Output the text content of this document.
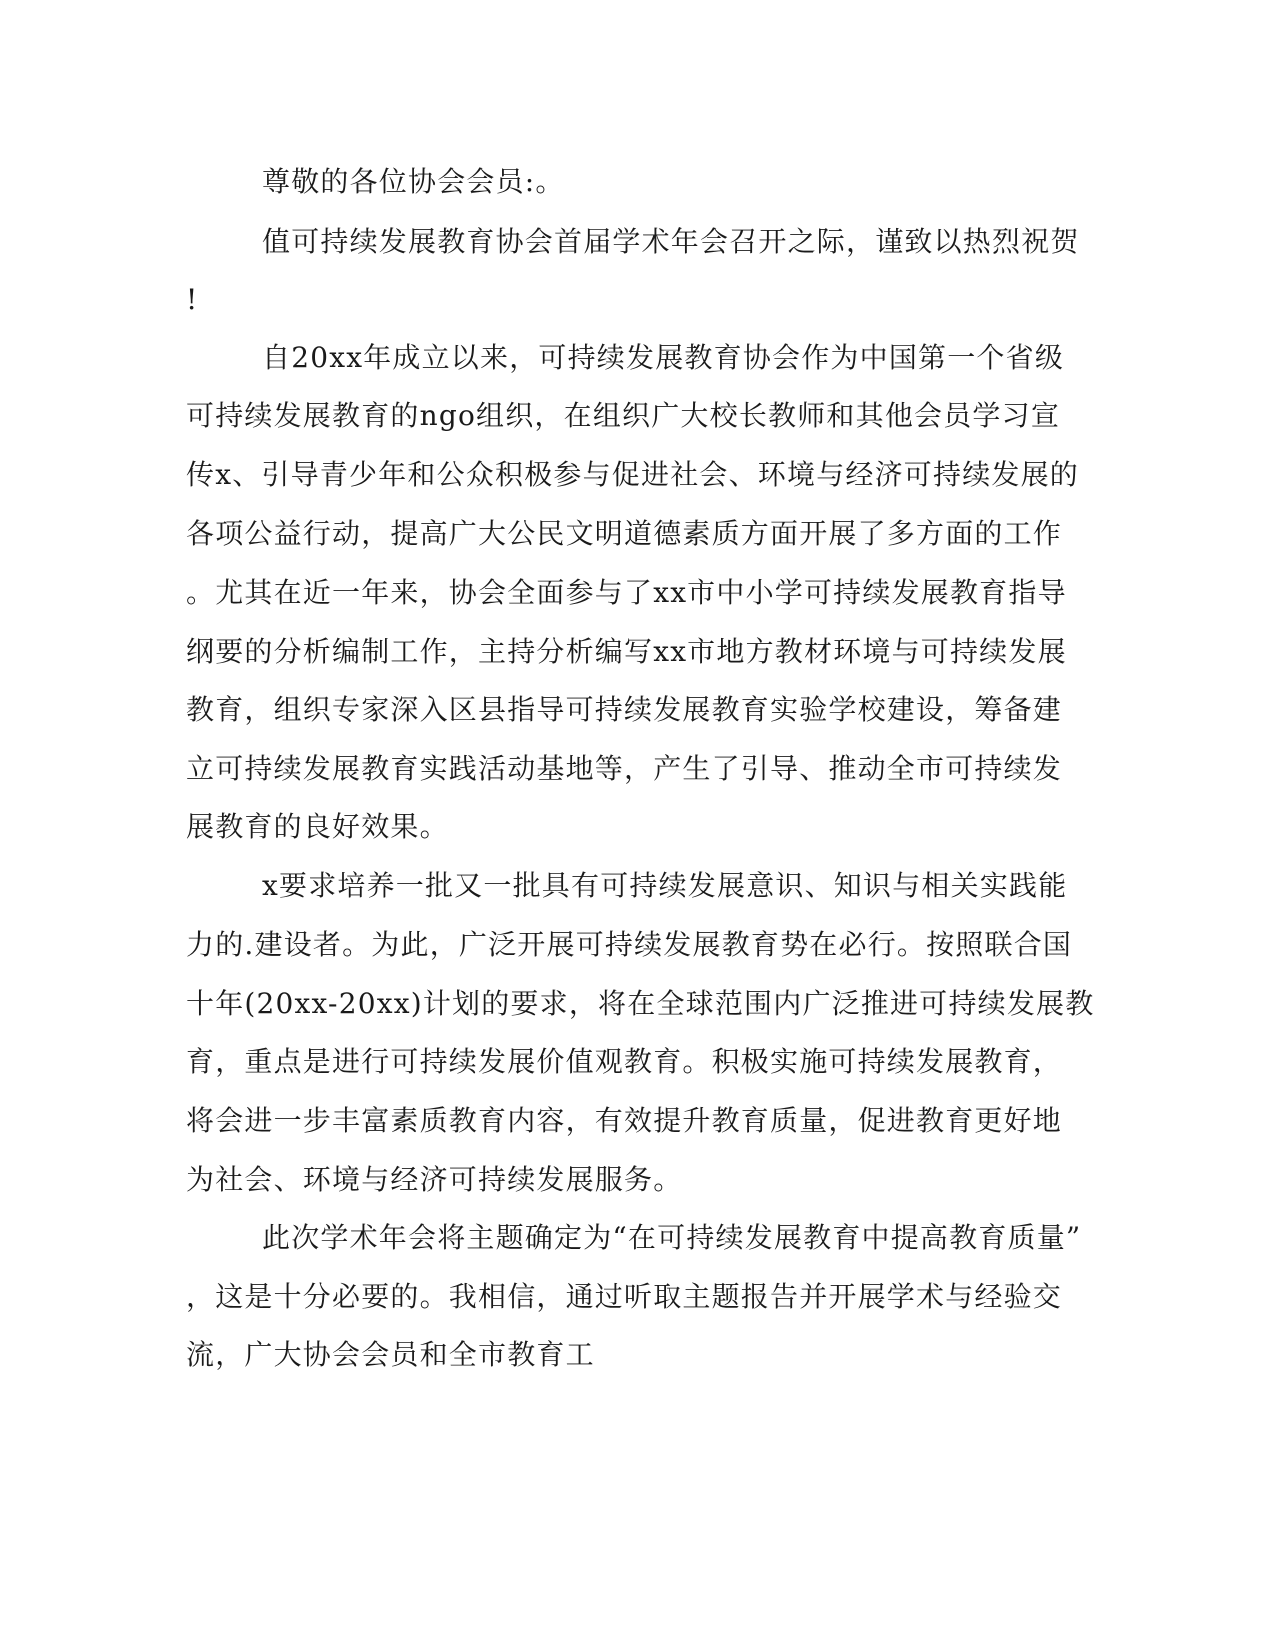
尊敬的各位协会会员:。
值可持续发展教育协会首届学术年会召开之际，谨致以热烈祝贺
!
自20xx年成立以来，可持续发展教育协会作为中国第一个省级
可持续发展教育的ngo组织，在组织广大校长教师和其他会员学习宣
传x、引导青少年和公众积极参与促进社会、环境与经济可持续发展的
各项公益行动，提高广大公民文明道德素质方面开展了多方面的工作
。尤其在近一年来，协会全面参与了xx市中小学可持续发展教育指导
纲要的分析编制工作，主持分析编写xx市地方教材环境与可持续发展
教育，组织专家深入区县指导可持续发展教育实验学校建设，筹备建
立可持续发展教育实践活动基地等，产生了引导、推动全市可持续发
展教育的良好效果。
x要求培养一批又一批具有可持续发展意识、知识与相关实践能
力的.建设者。为此，广泛开展可持续发展教育势在必行。按照联合国
十年(20xx-20xx)计划的要求，将在全球范围内广泛推进可持续发展教
育，重点是进行可持续发展价值观教育。积极实施可持续发展教育，
将会进一步丰富素质教育内容，有效提升教育质量，促进教育更好地
为社会、环境与经济可持续发展服务。
此次学术年会将主题确定为“在可持续发展教育中提高教育质量”
，这是十分必要的。我相信，通过听取主题报告并开展学术与经验交
流，广大协会会员和全市教育工
